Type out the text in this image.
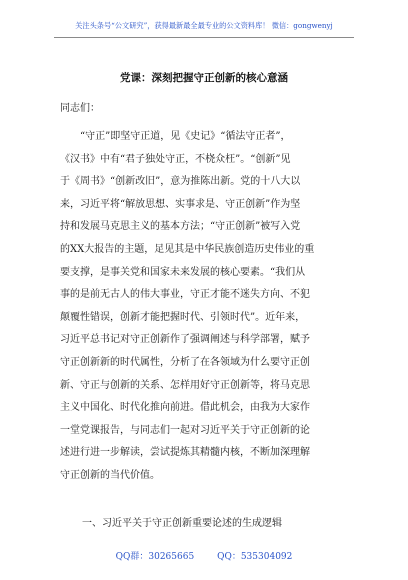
关注头条号“公文研究”，获得最新最全最专业的公文资料库！ 微信：gongwenyj
党课：深刻把握守正创新的核心意涵
同志们：
“守正”即坚守正道，见《史记》“循法守正者”，
《汉书》中有“君子独处守正，不桡众枉”。“创新”见
于《周书》“创新改旧”，意为推陈出新。党的十八大以
来，习近平将“解放思想、实事求是、守正创新”作为坚
持和发展马克思主义的基本方法；“守正创新”被写入党
的XX大报告的主题，足见其是中华民族创造历史伟业的重
要支撑，是事关党和国家未来发展的核心要素。“我们从
事的是前无古人的伟大事业，守正才能不迷失方向、不犯
颠覆性错误，创新才能把握时代、引领时代”。近年来，
习近平总书记对守正创新作了强调阐述与科学部署，赋予
守正创新新的时代属性，分析了在各领域为什么要守正创
新、守正与创新的关系、怎样用好守正创新等，将马克思
主义中国化、时代化推向前进。借此机会，由我为大家作
一堂党课报告，与同志们一起对习近平关于守正创新的论
述进行进一步解读，尝试提炼其精髓内核，不断加深理解
守正创新的当代价值。
一、习近平关于守正创新重要论述的生成逻辑
QQ群：30265665	QQ：535304092
